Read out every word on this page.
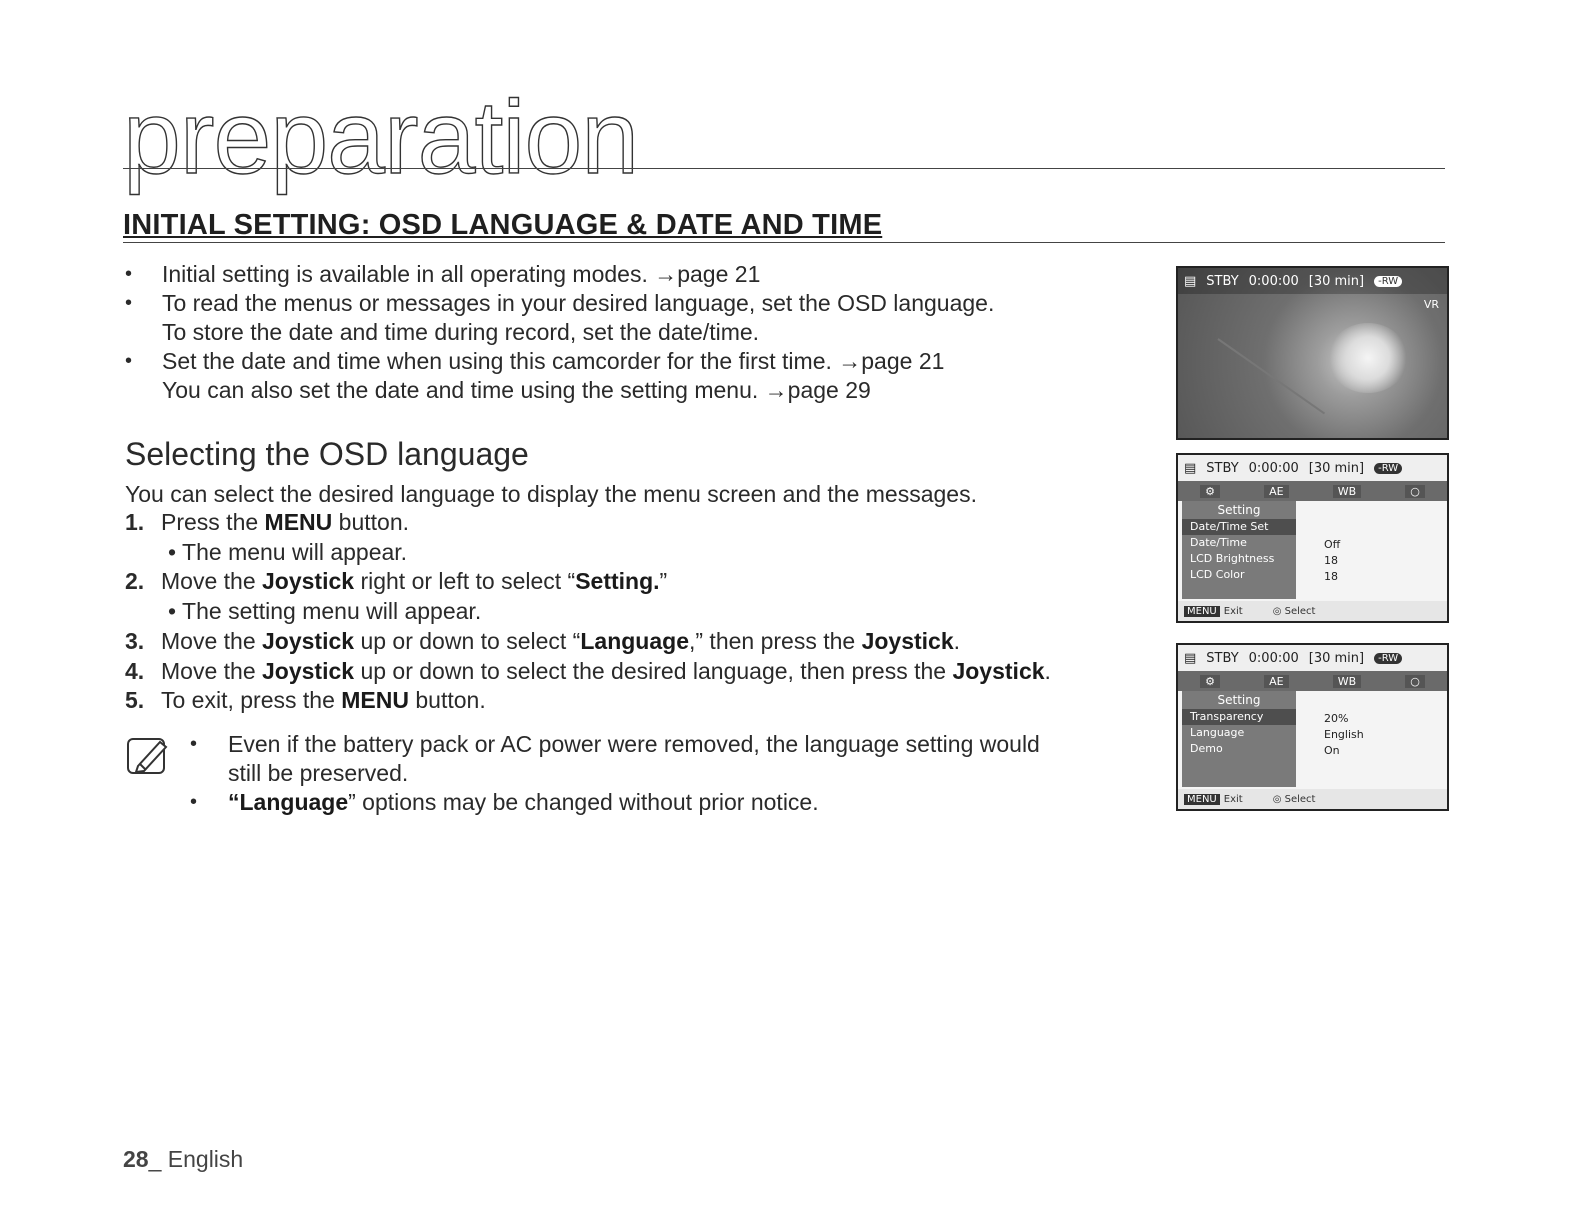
preparation
INITIAL SETTING: OSD LANGUAGE & DATE AND TIME
• Initial setting is available in all operating modes. →page 21
• To read the menus or messages in your desired language, set the OSD language.
To store the date and time during record, set the date/time.
• Set the date and time when using this camcorder for the first time. →page 21
You can also set the date and time using the setting menu. →page 29
Selecting the OSD language

You can select the desired language to display the menu screen and the messages.

1. Press the MENU button.
• The menu will appear.
2. Move the Joystick right or left to select “Setting.”
• The setting menu will appear.
3. Move the Joystick up or down to select “Language,” then press the Joystick.
4. Move the Joystick up or down to select the desired language, then press the Joystick.
5. To exit, press the MENU button.
• Even if the battery pack or AC power were removed, the language setting would
still be preserved.
• “Language” options may be changed without prior notice.
▤ STBY 0:00:00 [30 min]	-RW
VR
▤ STBY 0:00:00 [30 min]	-RW
⚙	AE	WB	○
Setting
Date/Time Set
Date/Time
LCD Brightness
LCD Color
Off
18
18
MENU Exit	◎ Select
▤ STBY 0:00:00 [30 min]	-RW
⚙	AE	WB	○
Setting
Transparency
Language
Demo
20%
English
On
MENU Exit	◎ Select
28_ English
